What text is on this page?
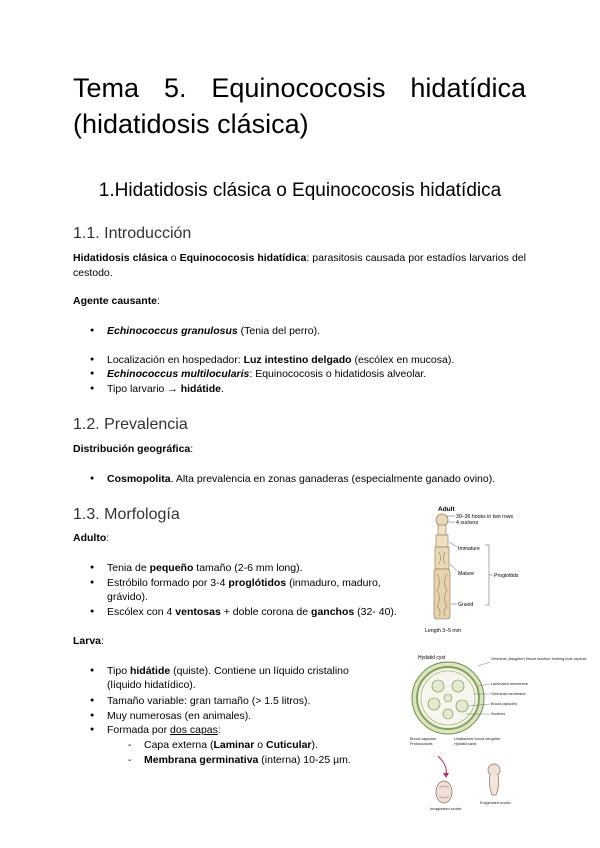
Tema 5. Equinococosis hidatídica
(hidatidosis clásica)
1.Hidatidosis clásica o Equinococosis hidatídica
1.1. Introducción
Hidatidosis clásica o Equinococosis hidatídica: parasitosis causada por estadíos larvarios del cestodo.
Agente causante:
● Echinococcus granulosus (Tenia del perro).
● Localización en hospedador: Luz intestino delgado (escólex en mucosa).
● Echinococcus multilocularis: Equinococosis o hidatidosis alveolar.
● Tipo larvario → hidátide.
1.2. Prevalencia
Distribución geográfica:
● Cosmopolita. Alta prevalencia en zonas ganaderas (especialmente ganado ovino).
1.3. Morfología
Adulto:
● Tenia de pequeño tamaño (2-6 mm long).
● Estróbilo formado por 3-4 proglótidos (inmaduro, maduro,
grávido).
● Escólex con 4 ventosas + doble corona de ganchos (32- 40).
Larva:
● Tipo hidátide (quiste). Contiene un líquido cristalino
(líquido hidatídico).
● Tamaño variable: gran tamaño (> 1.5 litros).
● Muy numerosas (en animales).
● Formada por dos capas:
- Capa externa (Laminar o Cuticular).
- Membrana germinativa (interna) 10-25 µm.
Adult
30–36 hooks in two rows
4 suckers
Immature
Mature
Gravid
Proglottids
Length 3–5 mm
Hydatid cyst	Germinal (daughter) tissue reaction forming host capsule
Laminated membrane
Germinal membrane
Brood capsules
Scolices
Unattached brood daughter
Hydatid sand
Brood capsules
Protoscolices
Invaginated scolex
Evaginated scolex
